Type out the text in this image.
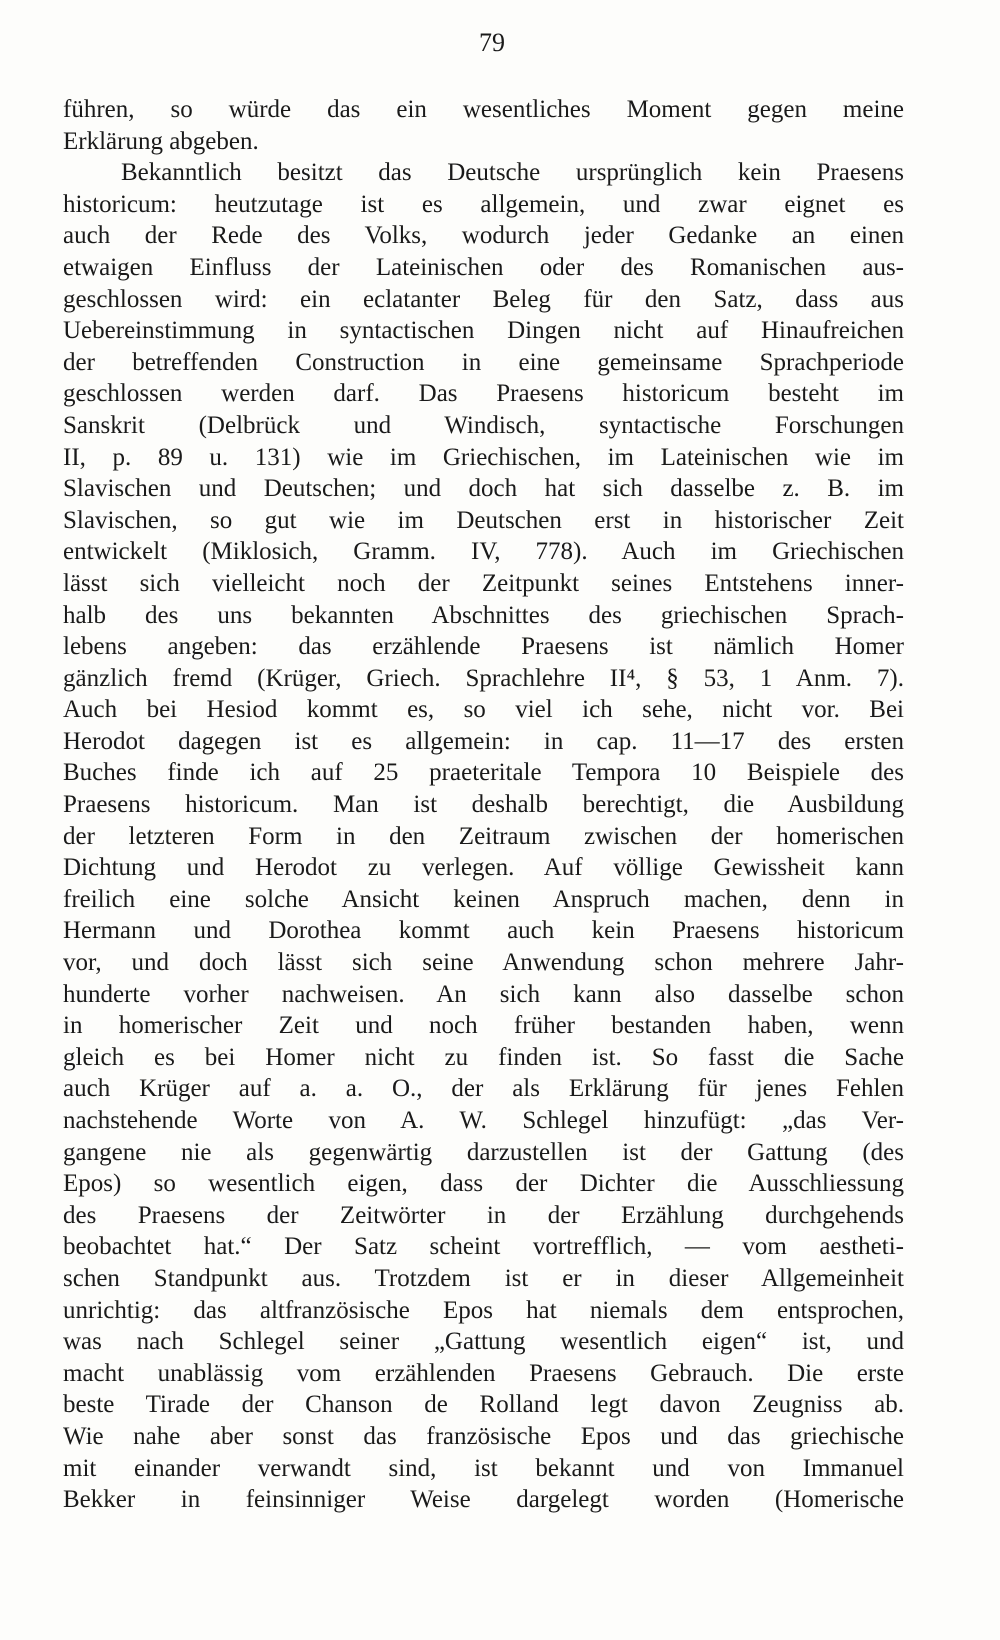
79
führen, so würde das ein wesentliches Moment gegen meine
Erklärung abgeben.
Bekanntlich besitzt das Deutsche ursprünglich kein Praesens
historicum: heutzutage ist es allgemein, und zwar eignet es
auch der Rede des Volks, wodurch jeder Gedanke an einen
etwaigen Einfluss der Lateinischen oder des Romanischen aus-
geschlossen wird: ein eclatanter Beleg für den Satz, dass aus
Uebereinstimmung in syntactischen Dingen nicht auf Hinaufreichen
der betreffenden Construction in eine gemeinsame Sprachperiode
geschlossen werden darf. Das Praesens historicum besteht im
Sanskrit (Delbrück und Windisch, syntactische Forschungen
II, p. 89 u. 131) wie im Griechischen, im Lateinischen wie im
Slavischen und Deutschen; und doch hat sich dasselbe z. B. im
Slavischen, so gut wie im Deutschen erst in historischer Zeit
entwickelt (Miklosich, Gramm. IV, 778). Auch im Griechischen
lässt sich vielleicht noch der Zeitpunkt seines Entstehens inner-
halb des uns bekannten Abschnittes des griechischen Sprach-
lebens angeben: das erzählende Praesens ist nämlich Homer
gänzlich fremd (Krüger, Griech. Sprachlehre II⁴, § 53, 1 Anm. 7).
Auch bei Hesiod kommt es, so viel ich sehe, nicht vor. Bei
Herodot dagegen ist es allgemein: in cap. 11—17 des ersten
Buches finde ich auf 25 praeteritale Tempora 10 Beispiele des
Praesens historicum. Man ist deshalb berechtigt, die Ausbildung
der letzteren Form in den Zeitraum zwischen der homerischen
Dichtung und Herodot zu verlegen. Auf völlige Gewissheit kann
freilich eine solche Ansicht keinen Anspruch machen, denn in
Hermann und Dorothea kommt auch kein Praesens historicum
vor, und doch lässt sich seine Anwendung schon mehrere Jahr-
hunderte vorher nachweisen. An sich kann also dasselbe schon
in homerischer Zeit und noch früher bestanden haben, wenn
gleich es bei Homer nicht zu finden ist. So fasst die Sache
auch Krüger auf a. a. O., der als Erklärung für jenes Fehlen
nachstehende Worte von A. W. Schlegel hinzufügt: „das Ver-
gangene nie als gegenwärtig darzustellen ist der Gattung (des
Epos) so wesentlich eigen, dass der Dichter die Ausschliessung
des Praesens der Zeitwörter in der Erzählung durchgehends
beobachtet hat.“ Der Satz scheint vortrefflich, — vom aestheti-
schen Standpunkt aus. Trotzdem ist er in dieser Allgemeinheit
unrichtig: das altfranzösische Epos hat niemals dem entsprochen,
was nach Schlegel seiner „Gattung wesentlich eigen“ ist, und
macht unablässig vom erzählenden Praesens Gebrauch. Die erste
beste Tirade der Chanson de Rolland legt davon Zeugniss ab.
Wie nahe aber sonst das französische Epos und das griechische
mit einander verwandt sind, ist bekannt und von Immanuel
Bekker in feinsinniger Weise dargelegt worden (Homerische
